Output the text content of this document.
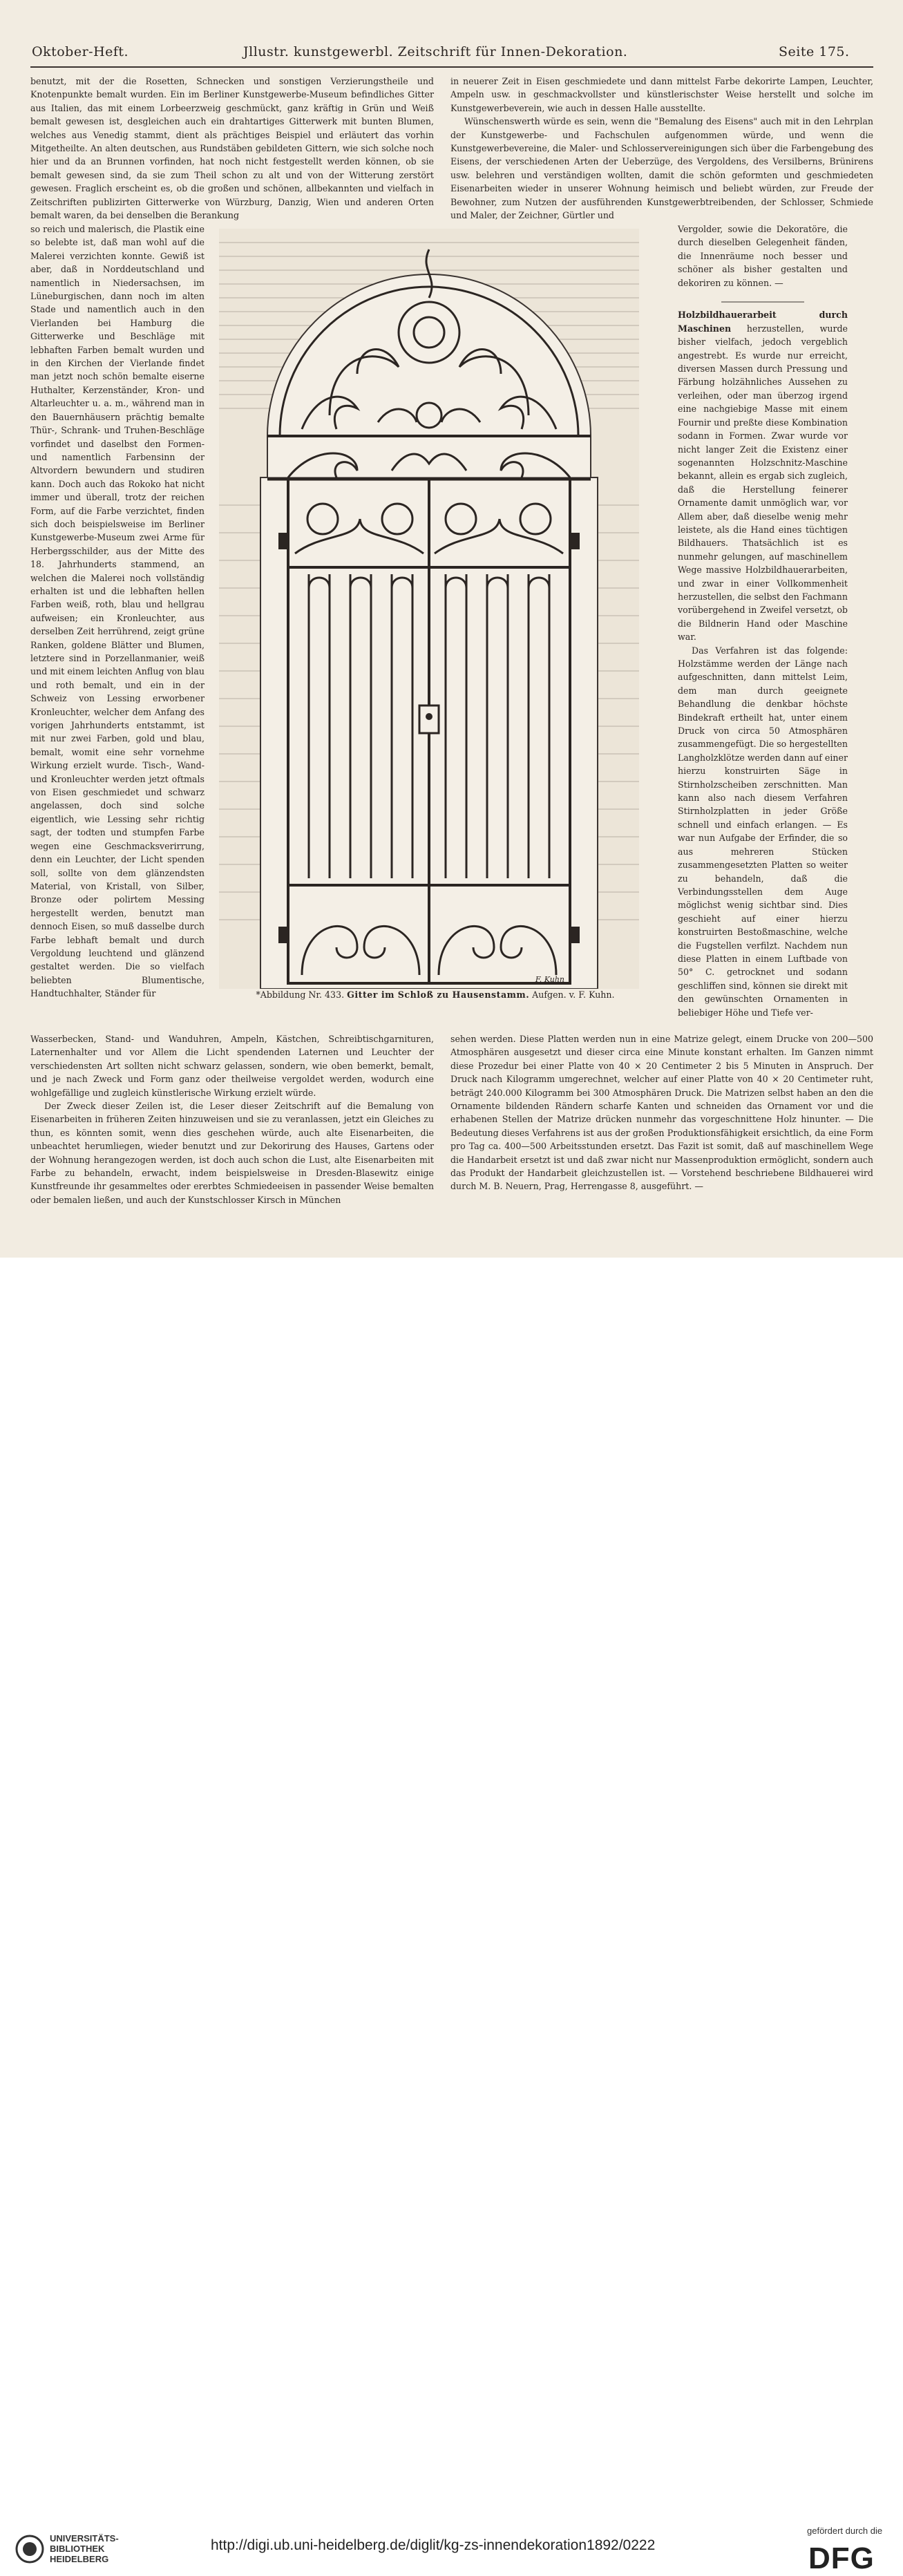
Oktober-Heft.	Jllustr. kunstgewerbl. Zeitschrift für Innen-Dekoration.	Seite 175.

benutzt, mit der die Rosetten, Schnecken und sonstigen Verzierungstheile und Knotenpunkte bemalt wurden. Ein im Berliner Kunstgewerbe-Museum befindliches Gitter aus Italien, das mit einem Lorbeerzweig geschmückt, ganz kräftig in Grün und Weiß bemalt gewesen ist, desgleichen auch ein drahtartiges Gitterwerk mit bunten Blumen, welches aus Venedig stammt, dient als prächtiges Beispiel und erläutert das vorhin Mitgetheilte. An alten deutschen, aus Rundstäben gebildeten Gittern, wie sich solche noch hier und da an Brunnen vorfinden, hat noch nicht festgestellt werden können, ob sie bemalt gewesen sind, da sie zum Theil schon zu alt und von der Witterung zerstört gewesen. Fraglich erscheint es, ob die großen und schönen, allbekannten und vielfach in Zeitschriften publizirten Gitterwerke von Würzburg, Danzig, Wien und anderen Orten bemalt waren, da bei denselben die Berankung

in neuerer Zeit in Eisen geschmiedete und dann mittelst Farbe dekorirte Lampen, Leuchter, Ampeln usw. in geschmackvollster und künstlerischster Weise herstellt und solche im Kunstgewerbeverein, wie auch in dessen Halle ausstellte.

Wünschenswerth würde es sein, wenn die "Bemalung des Eisens" auch mit in den Lehrplan der Kunstgewerbe- und Fachschulen aufgenommen würde, und wenn die Kunstgewerbevereine, die Maler- und Schlosservereinigungen sich über die Farbengebung des Eisens, der verschiedenen Arten der Ueberzüge, des Vergoldens, des Versilberns, Brünirens usw. belehren und verständigen wollten, damit die schön geformten und geschmiedeten Eisenarbeiten wieder in unserer Wohnung heimisch und beliebt würden, zur Freude der Bewohner, zum Nutzen der ausführenden Kunstgewerbtreibenden, der Schlosser, Schmiede und Maler, der Zeichner, Gürtler und

so reich und malerisch, die Plastik eine so belebte ist, daß man wohl auf die Malerei verzichten konnte. Gewiß ist aber, daß in Norddeutschland und namentlich in Niedersachsen, im Lüneburgischen, dann noch im alten Stade und namentlich auch in den Vierlanden bei Hamburg die Gitterwerke und Beschläge mit lebhaften Farben bemalt wurden und in den Kirchen der Vierlande findet man jetzt noch schön bemalte eiserne Huthalter, Kerzenständer, Kron- und Altarleuchter u. a. m., während man in den Bauernhäusern prächtig bemalte Thür-, Schrank- und Truhen-Beschläge vorfindet und daselbst den Formen- und namentlich Farbensinn der Altvordern bewundern und studiren kann. Doch auch das Rokoko hat nicht immer und überall, trotz der reichen Form, auf die Farbe verzichtet, finden sich doch beispielsweise im Berliner Kunstgewerbe-Museum zwei Arme für Herbergsschilder, aus der Mitte des 18. Jahrhunderts stammend, an welchen die Malerei noch vollständig erhalten ist und die lebhaften hellen Farben weiß, roth, blau und hellgrau aufweisen; ein Kronleuchter, aus derselben Zeit herrührend, zeigt grüne Ranken, goldene Blätter und Blumen, letztere sind in Porzellanmanier, weiß und mit einem leichten Anflug von blau und roth bemalt, und ein in der Schweiz von Lessing erworbener Kronleuchter, welcher dem Anfang des vorigen Jahrhunderts entstammt, ist mit nur zwei Farben, gold und blau, bemalt, womit eine sehr vornehme Wirkung erzielt wurde. Tisch-, Wand- und Kronleuchter werden jetzt oftmals von Eisen geschmiedet und schwarz angelassen, doch sind solche eigentlich, wie Lessing sehr richtig sagt, der todten und stumpfen Farbe wegen eine Geschmacksverirrung, denn ein Leuchter, der Licht spenden soll, sollte von dem glänzendsten Material, von Kristall, von Silber, Bronze oder polirtem Messing hergestellt werden, benutzt man dennoch Eisen, so muß dasselbe durch Farbe lebhaft bemalt und durch Vergoldung leuchtend und glänzend gestaltet werden. Die so vielfach beliebten Blumentische, Handtuchhalter, Ständer für

Vergolder, sowie die Dekoratöre, die durch dieselben Gelegenheit fänden, die Innenräume noch besser und schöner als bisher gestalten und dekoriren zu können. —

Holzbildhauerarbeit durch Maschinen herzustellen, wurde bisher vielfach, jedoch vergeblich angestrebt. Es wurde nur erreicht, diversen Massen durch Pressung und Färbung holzähnliches Aussehen zu verleihen, oder man überzog irgend eine nachgiebige Masse mit einem Fournir und preßte diese Kombination sodann in Formen. Zwar wurde vor nicht langer Zeit die Existenz einer sogenannten Holzschnitz-Maschine bekannt, allein es ergab sich zugleich, daß die Herstellung feinerer Ornamente damit unmöglich war, vor Allem aber, daß dieselbe wenig mehr leistete, als die Hand eines tüchtigen Bildhauers. Thatsächlich ist es nunmehr gelungen, auf maschinellem Wege massive Holzbildhauerarbeiten, und zwar in einer Vollkommenheit herzustellen, die selbst den Fachmann vorübergehend in Zweifel versetzt, ob die Bildnerin Hand oder Maschine war.

Das Verfahren ist das folgende: Holzstämme werden der Länge nach aufgeschnitten, dann mittelst Leim, dem man durch geeignete Behandlung die denkbar höchste Bindekraft ertheilt hat, unter einem Druck von circa 50 Atmosphären zusammengefügt. Die so hergestellten Langholzklötze werden dann auf einer hierzu konstruirten Säge in Stirnholzscheiben zerschnitten. Man kann also nach diesem Verfahren Stirnholzplatten in jeder Größe schnell und einfach erlangen. — Es war nun Aufgabe der Erfinder, die so aus mehreren Stücken zusammengesetzten Platten so weiter zu behandeln, daß die Verbindungsstellen dem Auge möglichst wenig sichtbar sind. Dies geschieht auf einer hierzu konstruirten Bestoßmaschine, welche die Fugstellen verfilzt. Nachdem nun diese Platten in einem Luftbade von 50° C. getrocknet und sodann geschliffen sind, können sie direkt mit den gewünschten Ornamenten in beliebiger Höhe und Tiefe ver-

F. Kuhn
*Abbildung Nr. 433. Gitter im Schloß zu Hausenstamm. Aufgen. v. F. Kuhn.

Wasserbecken, Stand- und Wanduhren, Ampeln, Kästchen, Schreibtischgarnituren, Laternenhalter und vor Allem die Licht spendenden Laternen und Leuchter der verschiedensten Art sollten nicht schwarz gelassen, sondern, wie oben bemerkt, bemalt, und je nach Zweck und Form ganz oder theilweise vergoldet werden, wodurch eine wohlgefällige und zugleich künstlerische Wirkung erzielt würde.

Der Zweck dieser Zeilen ist, die Leser dieser Zeitschrift auf die Bemalung von Eisenarbeiten in früheren Zeiten hinzuweisen und sie zu veranlassen, jetzt ein Gleiches zu thun, es könnten somit, wenn dies geschehen würde, auch alte Eisenarbeiten, die unbeachtet herumliegen, wieder benutzt und zur Dekorirung des Hauses, Gartens oder der Wohnung herangezogen werden, ist doch auch schon die Lust, alte Eisenarbeiten mit Farbe zu behandeln, erwacht, indem beispielsweise in Dresden-Blasewitz einige Kunstfreunde ihr gesammeltes oder ererbtes Schmiedeeisen in passender Weise bemalten oder bemalen ließen, und auch der Kunstschlosser Kirsch in München

sehen werden. Diese Platten werden nun in eine Matrize gelegt, einem Drucke von 200—500 Atmosphären ausgesetzt und dieser circa eine Minute konstant erhalten. Im Ganzen nimmt diese Prozedur bei einer Platte von 40 × 20 Centimeter 2 bis 5 Minuten in Anspruch. Der Druck nach Kilogramm umgerechnet, welcher auf einer Platte von 40 × 20 Centimeter ruht, beträgt 240.000 Kilogramm bei 300 Atmosphären Druck. Die Matrizen selbst haben an den die Ornamente bildenden Rändern scharfe Kanten und schneiden das Ornament vor und die erhabenen Stellen der Matrize drücken nunmehr das vorgeschnittene Holz hinunter. — Die Bedeutung dieses Verfahrens ist aus der großen Produktionsfähigkeit ersichtlich, da eine Form pro Tag ca. 400—500 Arbeitsstunden ersetzt. Das Fazit ist somit, daß auf maschinellem Wege die Handarbeit ersetzt ist und daß zwar nicht nur Massenproduktion ermöglicht, sondern auch das Produkt der Handarbeit gleichzustellen ist. — Vorstehend beschriebene Bildhauerei wird durch M. B. Neuern, Prag, Herrengasse 8, ausgeführt. —

UNIVERSITÄTS-
BIBLIOTHEK
HEIDELBERG
http://digi.ub.uni-heidelberg.de/diglit/kg-zs-innendekoration1892/0222
gefördert durch die
DFG
